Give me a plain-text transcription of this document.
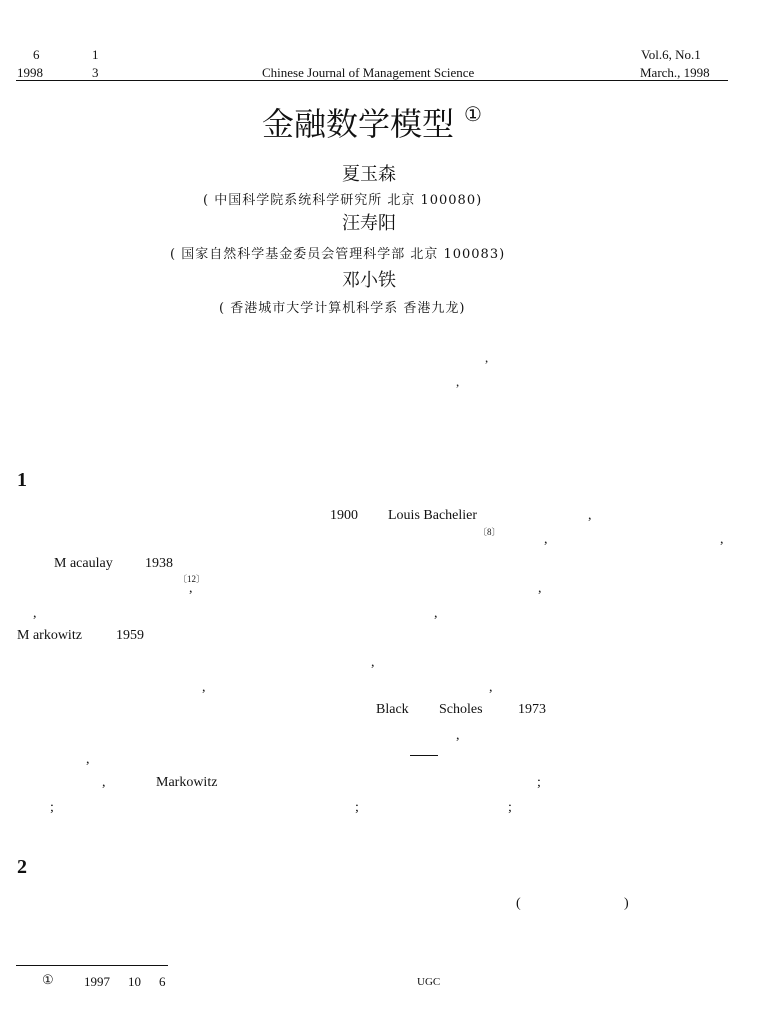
6	1
1998	3	Chinese Journal of Management Science
Vol.6, No.1
March., 1998
金融数学模型 ①
夏玉森
( 中国科学院系统科学研究所 北京 100080)
汪寿阳
( 国家自然科学基金委员会管理科学部 北京 100083)
邓小铁
( 香港城市大学计算机科学系 香港九龙)
,
,
1
1900 Louis Bachelier	,
〔8〕	,	,
M acaulay 1938
〔12〕
,	,
,	,
M arkowitz 1959
,
,	,
Black Scholes	1973
,
,
,	Markowitz	;
;	;	;
2
(	)
① 1997 10 6	UGC
